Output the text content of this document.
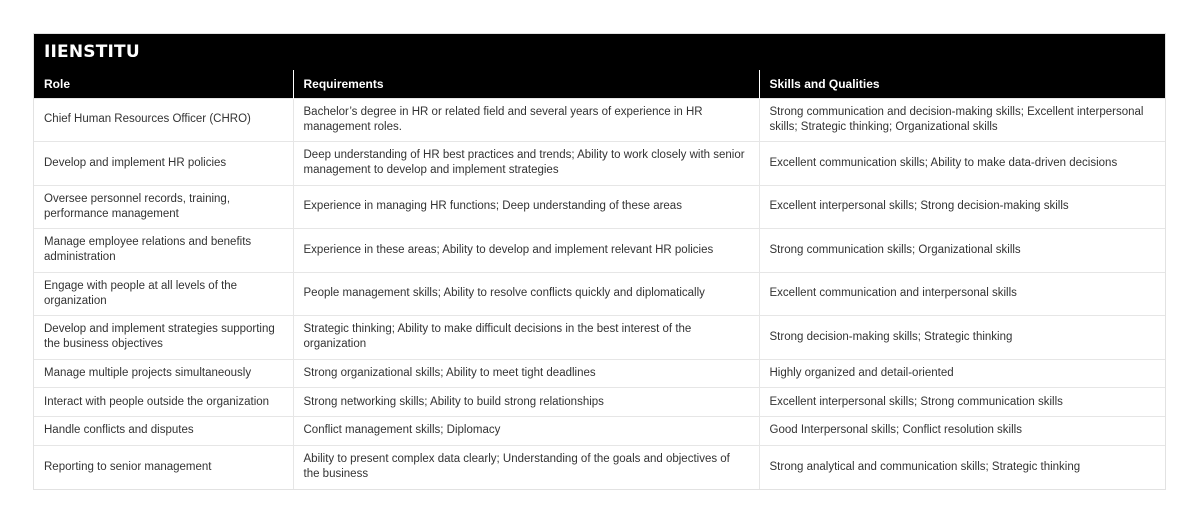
IIENSTITU
Role	Requirements	Skills and Qualities
Chief Human Resources Officer (CHRO)	Bachelor’s degree in HR or related field and several years of experience in HR management roles.	Strong communication and decision-making skills; Excellent interpersonal skills; Strategic thinking; Organizational skills
Develop and implement HR policies	Deep understanding of HR best practices and trends; Ability to work closely with senior management to develop and implement strategies	Excellent communication skills; Ability to make data-driven decisions
Oversee personnel records, training, performance management	Experience in managing HR functions; Deep understanding of these areas	Excellent interpersonal skills; Strong decision-making skills
Manage employee relations and benefits administration	Experience in these areas; Ability to develop and implement relevant HR policies	Strong communication skills; Organizational skills
Engage with people at all levels of the organization	People management skills; Ability to resolve conflicts quickly and diplomatically	Excellent communication and interpersonal skills
Develop and implement strategies supporting the business objectives	Strategic thinking; Ability to make difficult decisions in the best interest of the organization	Strong decision-making skills; Strategic thinking
Manage multiple projects simultaneously	Strong organizational skills; Ability to meet tight deadlines	Highly organized and detail-oriented
Interact with people outside the organization	Strong networking skills; Ability to build strong relationships	Excellent interpersonal skills; Strong communication skills
Handle conflicts and disputes	Conflict management skills; Diplomacy	Good Interpersonal skills; Conflict resolution skills
Reporting to senior management	Ability to present complex data clearly; Understanding of the goals and objectives of the business	Strong analytical and communication skills; Strategic thinking
